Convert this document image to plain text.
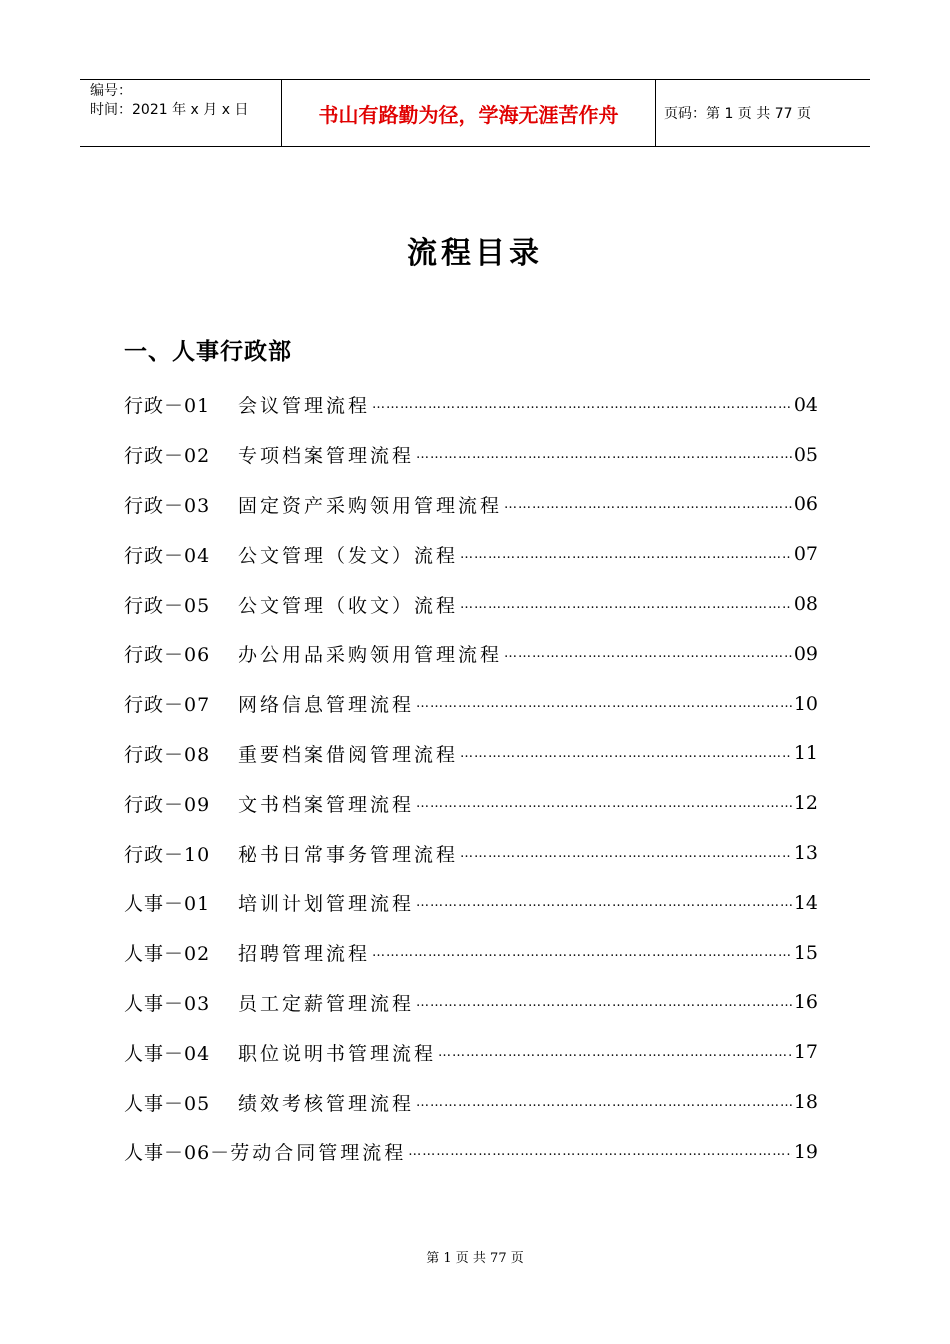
编号：
时间：2021 年 x 月 x 日	书山有路勤为径，学海无涯苦作舟	页码：第 1 页 共 77 页
流程目录
一、人事行政部
行政－01	会议管理流程 ……………………………………………………………………………………………………………………………………………………	04
行政－02	专项档案管理流程 ……………………………………………………………………………………………………………………………………………………	05
行政－03	固定资产采购领用管理流程 ……………………………………………………………………………………………………………………………………………………	06
行政－04	公文管理（发文）流程 ……………………………………………………………………………………………………………………………………………………	07
行政－05	公文管理（收文）流程 ……………………………………………………………………………………………………………………………………………………	08
行政－06	办公用品采购领用管理流程 ……………………………………………………………………………………………………………………………………………………	09
行政－07	网络信息管理流程 ……………………………………………………………………………………………………………………………………………………	10
行政－08	重要档案借阅管理流程 ……………………………………………………………………………………………………………………………………………………	11
行政－09	文书档案管理流程 ……………………………………………………………………………………………………………………………………………………	12
行政－10	秘书日常事务管理流程 ……………………………………………………………………………………………………………………………………………………	13
人事－01	培训计划管理流程 ……………………………………………………………………………………………………………………………………………………	14
人事－02	招聘管理流程 ……………………………………………………………………………………………………………………………………………………	15
人事－03	员工定薪管理流程 ……………………………………………………………………………………………………………………………………………………	16
人事－04	职位说明书管理流程 ……………………………………………………………………………………………………………………………………………………	17
人事－05	绩效考核管理流程 ……………………………………………………………………………………………………………………………………………………	18
人事－06－ 劳动合同管理流程 ……………………………………………………………………………………………………………………………………………………	19
第 1 页 共 77 页
